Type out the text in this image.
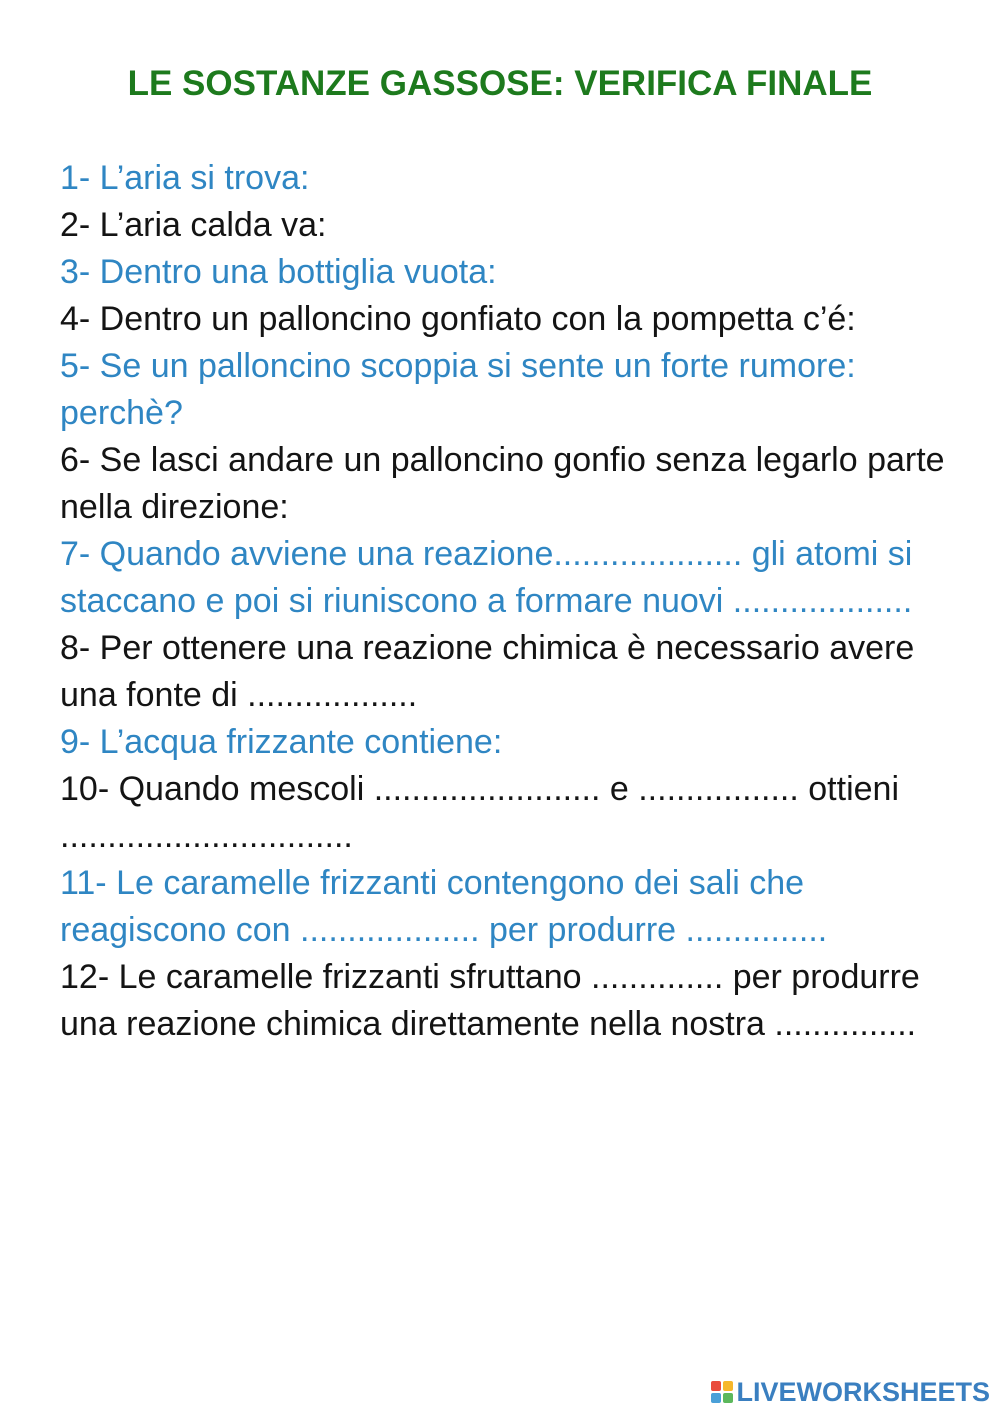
LE SOSTANZE GASSOSE: VERIFICA FINALE

1- L’aria si trova:

2- L’aria calda va:

3- Dentro una bottiglia vuota:

4- Dentro un palloncino gonfiato con la pompetta c’é:

5- Se un palloncino scoppia si sente un forte rumore: perchè?

6- Se lasci andare un palloncino gonfio senza legarlo parte nella direzione:

7- Quando avviene una reazione.................... gli atomi si staccano e poi si riuniscono a formare nuovi ...................

8- Per ottenere una reazione chimica è necessario avere una fonte di ..................

9- L’acqua frizzante contiene:

10- Quando mescoli ........................ e ................. ottieni ...............................

11- Le caramelle frizzanti contengono dei sali che reagiscono con ................... per produrre ...............

12- Le caramelle frizzanti sfruttano .............. per produrre una reazione chimica direttamente nella nostra ...............

LIVEWORKSHEETS
